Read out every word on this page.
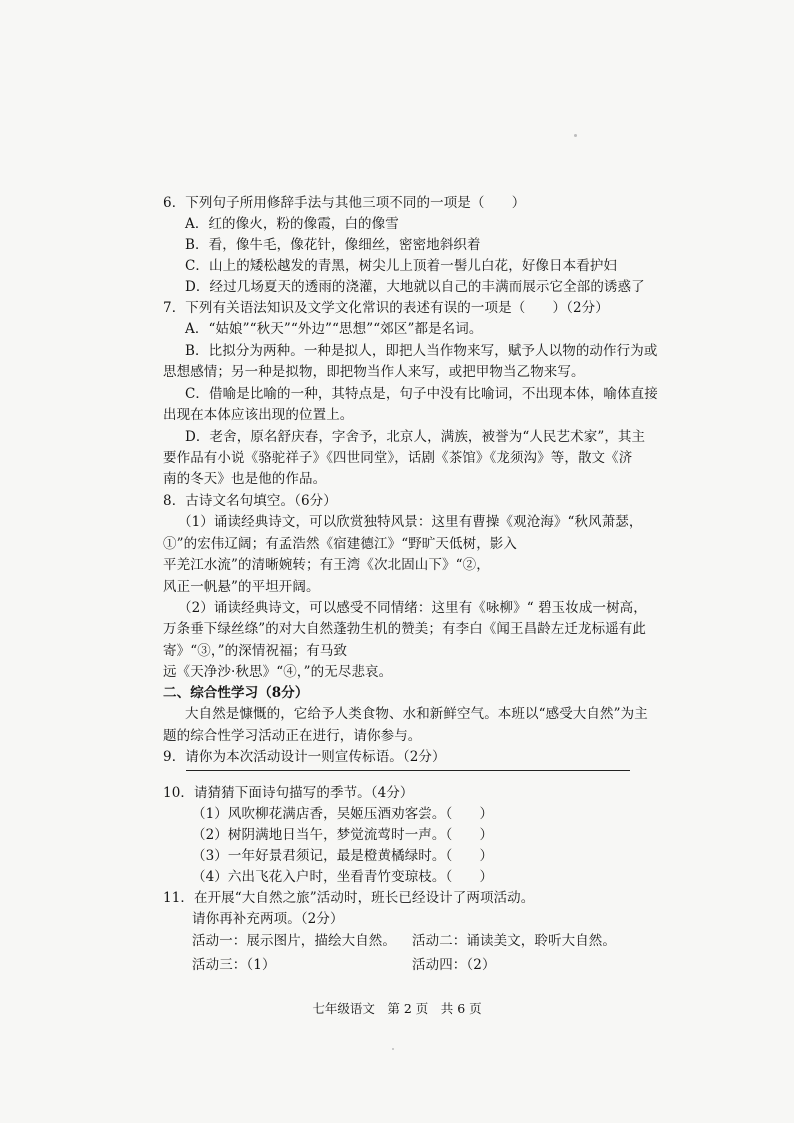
6．下列句子所用修辞手法与其他三项不同的一项是（　　）
A．红的像火，粉的像霞，白的像雪
B．看，像牛毛，像花针，像细丝，密密地斜织着
C．山上的矮松越发的青黑，树尖儿上顶着一髻儿白花，好像日本看护妇
D．经过几场夏天的透雨的浇灌，大地就以自己的丰满而展示它全部的诱惑了
7．下列有关语法知识及文学文化常识的表述有误的一项是（　　）（2分）
A．“姑娘”“秋天”“外边”“思想”“郊区”都是名词。
B．比拟分为两种。一种是拟人，即把人当作物来写，赋予人以物的动作行为或
思想感情；另一种是拟物，即把物当作人来写，或把甲物当乙物来写。
C．借喻是比喻的一种，其特点是，句子中没有比喻词，不出现本体，喻体直接
出现在本体应该出现的位置上。
D．老舍，原名舒庆春，字舍予，北京人，满族，被誉为“人民艺术家”，其主
要作品有小说《骆驼祥子》《四世同堂》，话剧《茶馆》《龙须沟》等，散文《济
南的冬天》也是他的作品。
8．古诗文名句填空。（6分）
（1）诵读经典诗文，可以欣赏独特风景：这里有曹操《观沧海》“秋风萧瑟，
①”的宏伟辽阔；有孟浩然《宿建德江》“野旷天低树，影入
平羌江水流”的清晰婉转；有王湾《次北固山下》“②，
风正一帆悬”的平坦开阔。
（2）诵读经典诗文，可以感受不同情绪：这里有《咏柳》“ 碧玉妆成一树高，
万条垂下绿丝绦”的对大自然蓬勃生机的赞美；有李白《闻王昌龄左迁龙标遥有此
寄》“③，”的深情祝福；有马致
远《天净沙·秋思》“④，”的无尽悲哀。
二、综合性学习（8分）
大自然是慷慨的，它给予人类食物、水和新鲜空气。本班以“感受大自然”为主
题的综合性学习活动正在进行，请你参与。
9．请你为本次活动设计一则宣传标语。（2分）
10．请猜猜下面诗句描写的季节。（4分）
（1）风吹柳花满店香，吴姬压酒劝客尝。（　　）
（2）树阴满地日当午，梦觉流莺时一声。（　　）
（3）一年好景君须记，最是橙黄橘绿时。（　　）
（4）六出飞花入户时，坐看青竹变琼枝。（　　）
11．在开展“大自然之旅”活动时，班长已经设计了两项活动。
七年级语文　第 2 页　共 6 页
请你再补充两项。（2分）
活动一：展示图片，描绘大自然。 活动二：诵读美文，聆听大自然。
活动三：（1）	活动四：（2）
